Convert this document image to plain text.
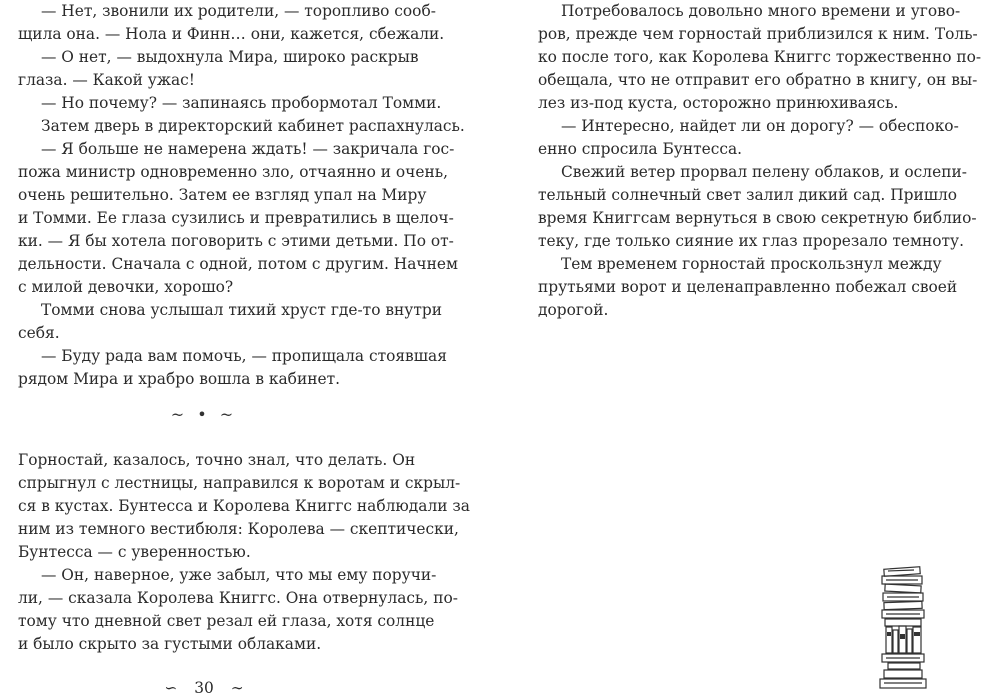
— Нет, звонили их родители, — торопливо сооб-
щила она. — Нола и Финн… они, кажется, сбежали.
— О нет, — выдохнула Мира, широко раскрыв
глаза. — Какой ужас!
— Но почему? — запинаясь пробормотал Томми.
Затем дверь в директорский кабинет распахнулась.
— Я больше не намерена ждать! — закричала гос-
пожа министр одновременно зло, отчаянно и очень,
очень решительно. Затем ее взгляд упал на Миру
и Томми. Ее глаза сузились и превратились в щелоч-
ки. — Я бы хотела поговорить с этими детьми. По от-
дельности. Сначала с одной, потом с другим. Начнем
с милой девочки, хорошо?
Томми снова услышал тихий хруст где-то внутри
себя.
— Буду рада вам помочь, — пропищала стоявшая
рядом Мира и храбро вошла в кабинет.
~ • ~
Горностай, казалось, точно знал, что делать. Он
спрыгнул с лестницы, направился к воротам и скрыл-
ся в кустах. Бунтесса и Королева Книггс наблюдали за
ним из темного вестибюля: Королева — скептически,
Бунтесса — с уверенностью.
— Он, наверное, уже забыл, что мы ему поручи-
ли, — сказала Королева Книггс. Она отвернулась, по-
тому что дневной свет резал ей глаза, хотя солнце
и было скрыто за густыми облаками.
∽ 30 ∼
Потребовалось довольно много времени и угово-
ров, прежде чем горностай приблизился к ним. Толь-
ко после того, как Королева Книггс торжественно по-
обещала, что не отправит его обратно в книгу, он вы-
лез из-под куста, осторожно принюхиваясь.
— Интересно, найдет ли он дорогу? — обеспоко-
енно спросила Бунтесса.
Свежий ветер прорвал пелену облаков, и ослепи-
тельный солнечный свет залил дикий сад. Пришло
время Книггсам вернуться в свою секретную библио-
теку, где только сияние их глаз прорезало темноту.
Тем временем горностай проскользнул между
прутьями ворот и целенаправленно побежал своей
дорогой.
